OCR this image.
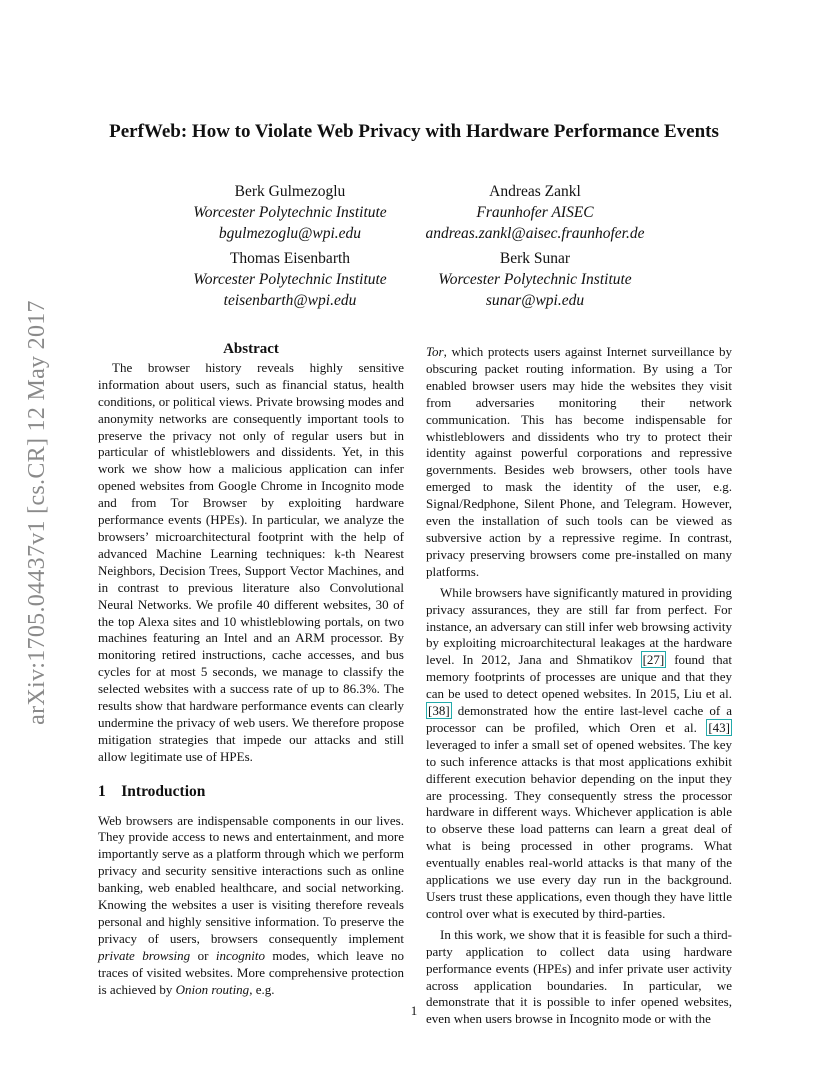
arXiv:1705.04437v1 [cs.CR] 12 May 2017
PerfWeb: How to Violate Web Privacy with Hardware Performance Events
Berk Gulmezoglu
Worcester Polytechnic Institute
bgulmezoglu@wpi.edu
Andreas Zankl
Fraunhofer AISEC
andreas.zankl@aisec.fraunhofer.de
Thomas Eisenbarth
Worcester Polytechnic Institute
teisenbarth@wpi.edu
Berk Sunar
Worcester Polytechnic Institute
sunar@wpi.edu
Abstract

The browser history reveals highly sensitive information about users, such as financial status, health conditions, or political views. Private browsing modes and anonymity networks are consequently important tools to preserve the privacy not only of regular users but in particular of whistleblowers and dissidents. Yet, in this work we show how a malicious application can infer opened websites from Google Chrome in Incognito mode and from Tor Browser by exploiting hardware performance events (HPEs). In particular, we analyze the browsers’ microarchitectural footprint with the help of advanced Machine Learning techniques: k-th Nearest Neighbors, Decision Trees, Support Vector Machines, and in contrast to previous literature also Convolutional Neural Networks. We profile 40 different websites, 30 of the top Alexa sites and 10 whistleblowing portals, on two machines featuring an Intel and an ARM processor. By monitoring retired instructions, cache accesses, and bus cycles for at most 5 seconds, we manage to classify the selected websites with a success rate of up to 86.3%. The results show that hardware performance events can clearly undermine the privacy of web users. We therefore propose mitigation strategies that impede our attacks and still allow legitimate use of HPEs.

1 Introduction

Web browsers are indispensable components in our lives. They provide access to news and entertainment, and more importantly serve as a platform through which we perform privacy and security sensitive interactions such as online banking, web enabled healthcare, and social networking. Knowing the websites a user is visiting therefore reveals personal and highly sensitive information. To preserve the privacy of users, browsers consequently implement private browsing or incognito modes, which leave no traces of visited websites. More comprehensive protection is achieved by Onion routing, e.g.

Tor, which protects users against Internet surveillance by obscuring packet routing information. By using a Tor enabled browser users may hide the websites they visit from adversaries monitoring their network communication. This has become indispensable for whistleblowers and dissidents who try to protect their identity against powerful corporations and repressive governments. Besides web browsers, other tools have emerged to mask the identity of the user, e.g. Signal/Redphone, Silent Phone, and Telegram. However, even the installation of such tools can be viewed as subversive action by a repressive regime. In contrast, privacy preserving browsers come pre-installed on many platforms.

While browsers have significantly matured in providing privacy assurances, they are still far from perfect. For instance, an adversary can still infer web browsing activity by exploiting microarchitectural leakages at the hardware level. In 2012, Jana and Shmatikov [27] found that memory footprints of processes are unique and that they can be used to detect opened websites. In 2015, Liu et al. [38] demonstrated how the entire last-level cache of a processor can be profiled, which Oren et al. [43] leveraged to infer a small set of opened websites. The key to such inference attacks is that most applications exhibit different execution behavior depending on the input they are processing. They consequently stress the processor hardware in different ways. Whichever application is able to observe these load patterns can learn a great deal of what is being processed in other programs. What eventually enables real-world attacks is that many of the applications we use every day run in the background. Users trust these applications, even though they have little control over what is executed by third-parties.

In this work, we show that it is feasible for such a third-party application to collect data using hardware performance events (HPEs) and infer private user activity across application boundaries. In particular, we demonstrate that it is possible to infer opened websites, even when users browse in Incognito mode or with the

1
